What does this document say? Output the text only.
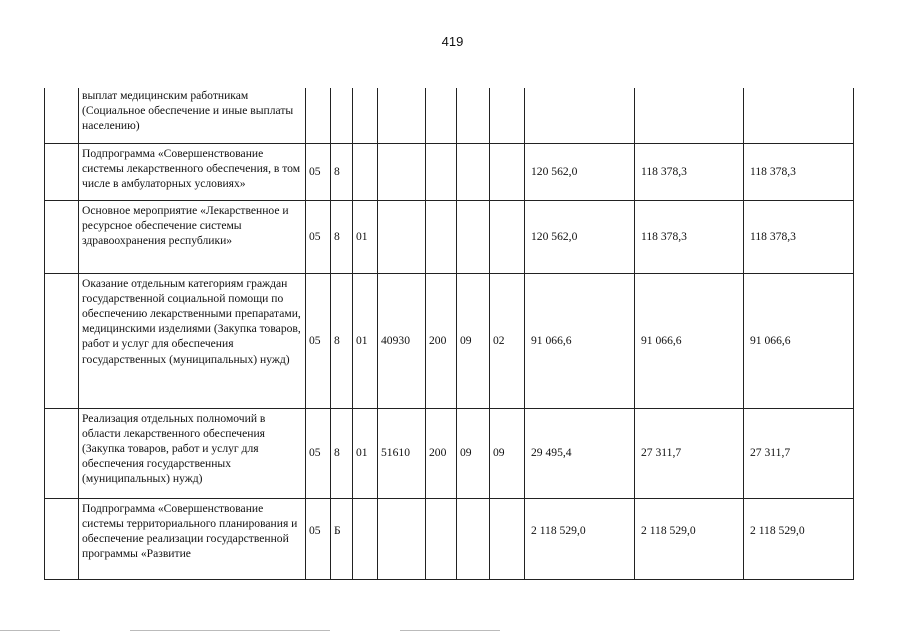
419
	выплат медицинским работникам (Социальное обеспечение и иные выплаты населению)										
	Подпрограмма «Совершенствование системы лекарственного обеспечения, в том числе в амбулаторных условиях»	05	8						120 562,0	118 378,3	118 378,3
	Основное мероприятие «Лекарственное и ресурсное обеспечение системы здравоохранения республики»	05	8	01					120 562,0	118 378,3	118 378,3
	Оказание отдельным категориям граждан государственной социальной помощи по обеспечению лекарственными препаратами, медицинскими изделиями (Закупка товаров, работ и услуг для обеспечения государственных (муниципальных) нужд)	05	8	01	40930	200	09	02	91 066,6	91 066,6	91 066,6
	Реализация отдельных полномочий в области лекарственного обеспечения (Закупка товаров, работ и услуг для обеспечения государственных (муниципальных) нужд)	05	8	01	51610	200	09	09	29 495,4	27 311,7	27 311,7
	Подпрограмма «Совершенствование системы территориального планирования и обеспечение реализации государственной программы «Развитие	05	Б						2 118 529,0	2 118 529,0	2 118 529,0
